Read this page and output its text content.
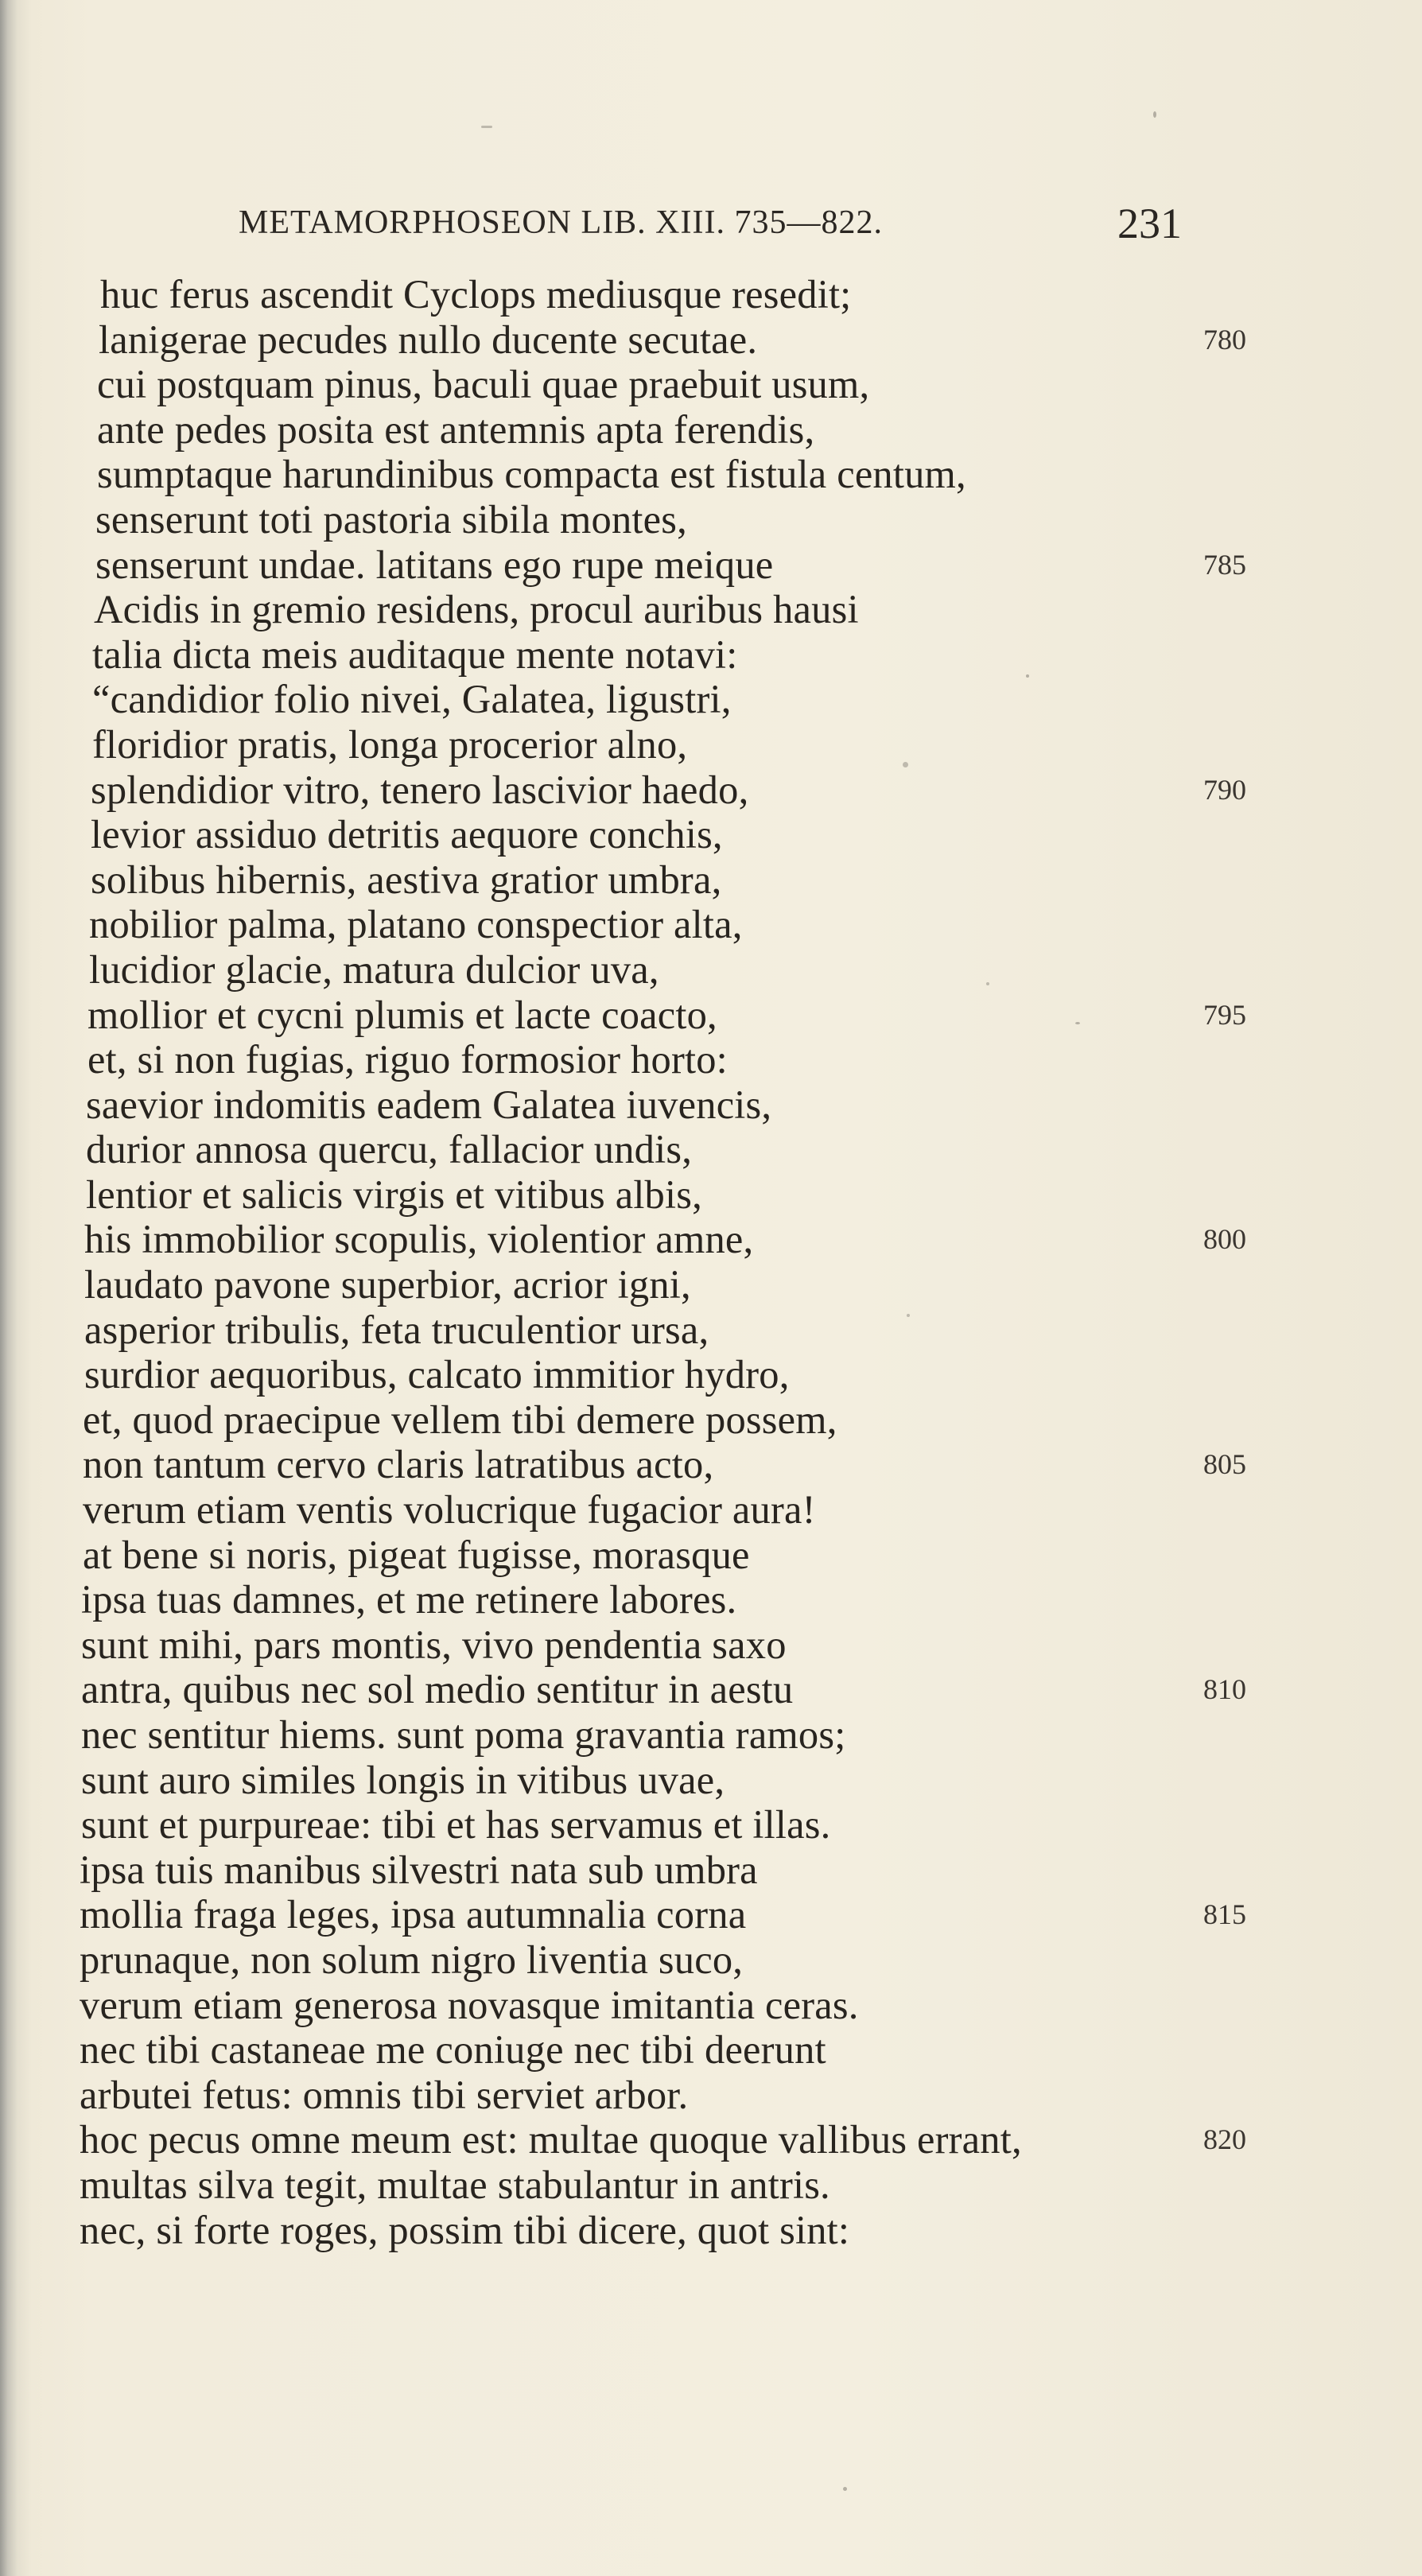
METAMORPHOSEON LIB. XIII. 735—822.	231
huc ferus ascendit Cyclops mediusque resedit;
lanigerae pecudes nullo ducente secutae.	780
cui postquam pinus, baculi quae praebuit usum,
ante pedes posita est antemnis apta ferendis,
sumptaque harundinibus compacta est fistula centum,
senserunt toti pastoria sibila montes,
senserunt undae. latitans ego rupe meique	785
Acidis in gremio residens, procul auribus hausi
talia dicta meis auditaque mente notavi:
“candidior folio nivei, Galatea, ligustri,
floridior pratis, longa procerior alno,
splendidior vitro, tenero lascivior haedo,	790
levior assiduo detritis aequore conchis,
solibus hibernis, aestiva gratior umbra,
nobilior palma, platano conspectior alta,
lucidior glacie, matura dulcior uva,
mollior et cycni plumis et lacte coacto,	795
et, si non fugias, riguo formosior horto:
saevior indomitis eadem Galatea iuvencis,
durior annosa quercu, fallacior undis,
lentior et salicis virgis et vitibus albis,
his immobilior scopulis, violentior amne,	800
laudato pavone superbior, acrior igni,
asperior tribulis, feta truculentior ursa,
surdior aequoribus, calcato immitior hydro,
et, quod praecipue vellem tibi demere possem,
non tantum cervo claris latratibus acto,	805
verum etiam ventis volucrique fugacior aura!
at bene si noris, pigeat fugisse, morasque
ipsa tuas damnes, et me retinere labores.
sunt mihi, pars montis, vivo pendentia saxo
antra, quibus nec sol medio sentitur in aestu	810
nec sentitur hiems. sunt poma gravantia ramos;
sunt auro similes longis in vitibus uvae,
sunt et purpureae: tibi et has servamus et illas.
ipsa tuis manibus silvestri nata sub umbra
mollia fraga leges, ipsa autumnalia corna	815
prunaque, non solum nigro liventia suco,
verum etiam generosa novasque imitantia ceras.
nec tibi castaneae me coniuge nec tibi deerunt
arbutei fetus: omnis tibi serviet arbor.
hoc pecus omne meum est: multae quoque vallibus errant,	820
multas silva tegit, multae stabulantur in antris.
nec, si forte roges, possim tibi dicere, quot sint:
